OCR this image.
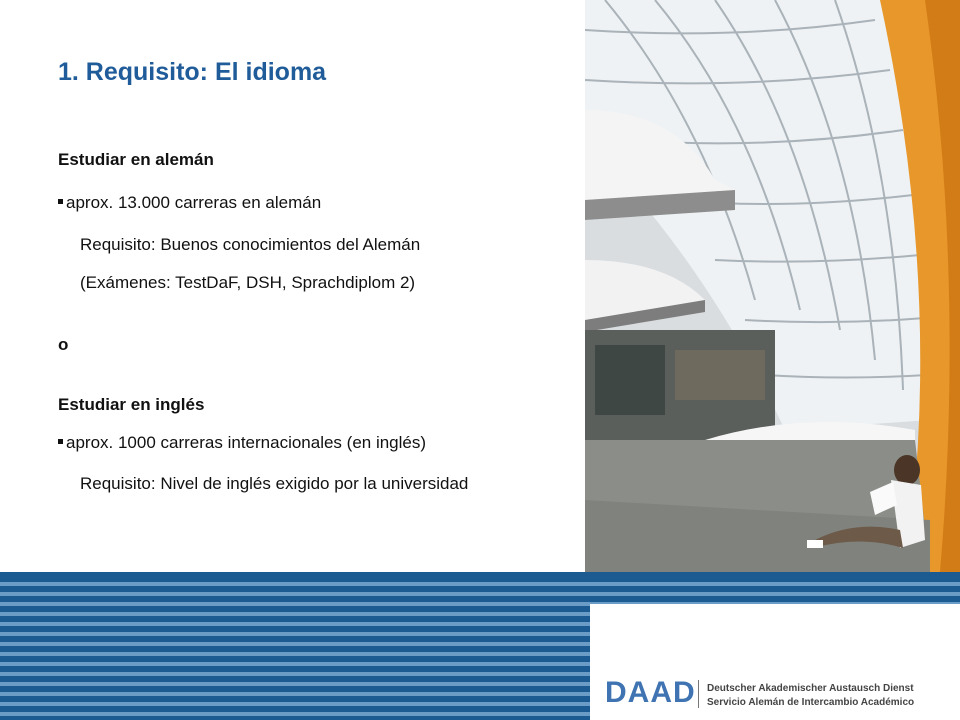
1. Requisito: El idioma
Estudiar en alemán
aprox. 13.000 carreras en alemán
Requisito: Buenos conocimientos del Alemán
(Exámenes: TestDaF, DSH, Sprachdiplom 2)
o
Estudiar en inglés
aprox. 1000 carreras internacionales (en inglés)
Requisito: Nivel de inglés exigido por la universidad
DAAD Deutscher Akademischer Austausch Dienst
Servicio Alemán de Intercambio Académico
